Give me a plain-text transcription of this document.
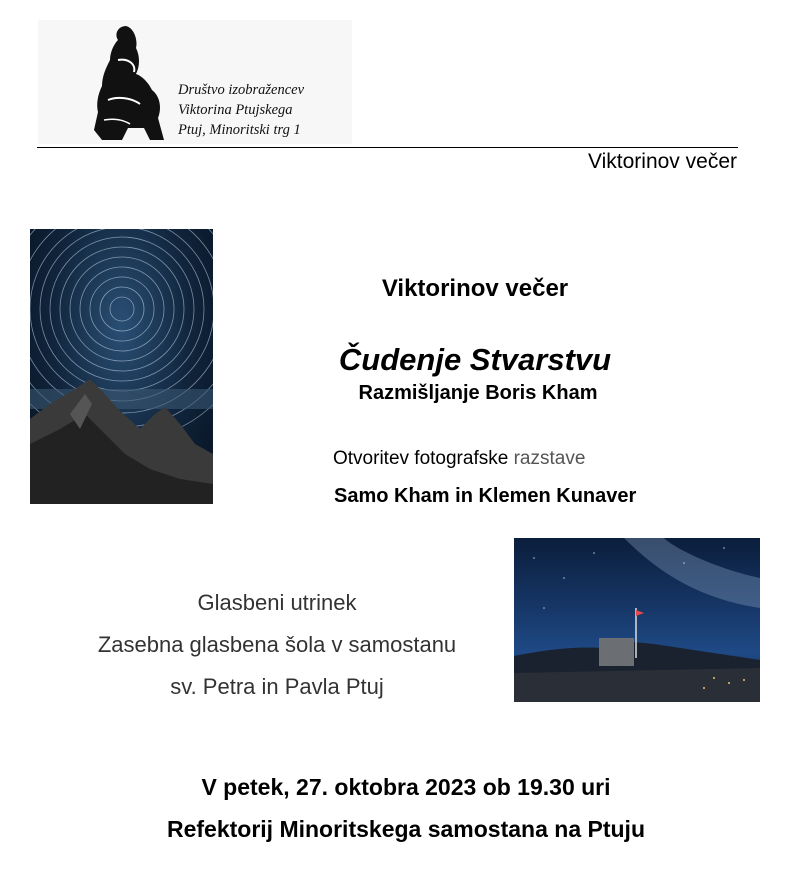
Društvo izobražencev
Viktorina Ptujskega
Ptuj, Minoritski trg 1
Viktorinov večer
Viktorinov večer
Čudenje Stvarstvu
Razmišljanje Boris Kham
Otvoritev fotografske razstave
Samo Kham in Klemen Kunaver
Glasbeni utrinek
Zasebna glasbena šola v samostanu
sv. Petra in Pavla Ptuj
V petek, 27. oktobra 2023 ob 19.30 uri
Refektorij Minoritskega samostana na Ptuju
